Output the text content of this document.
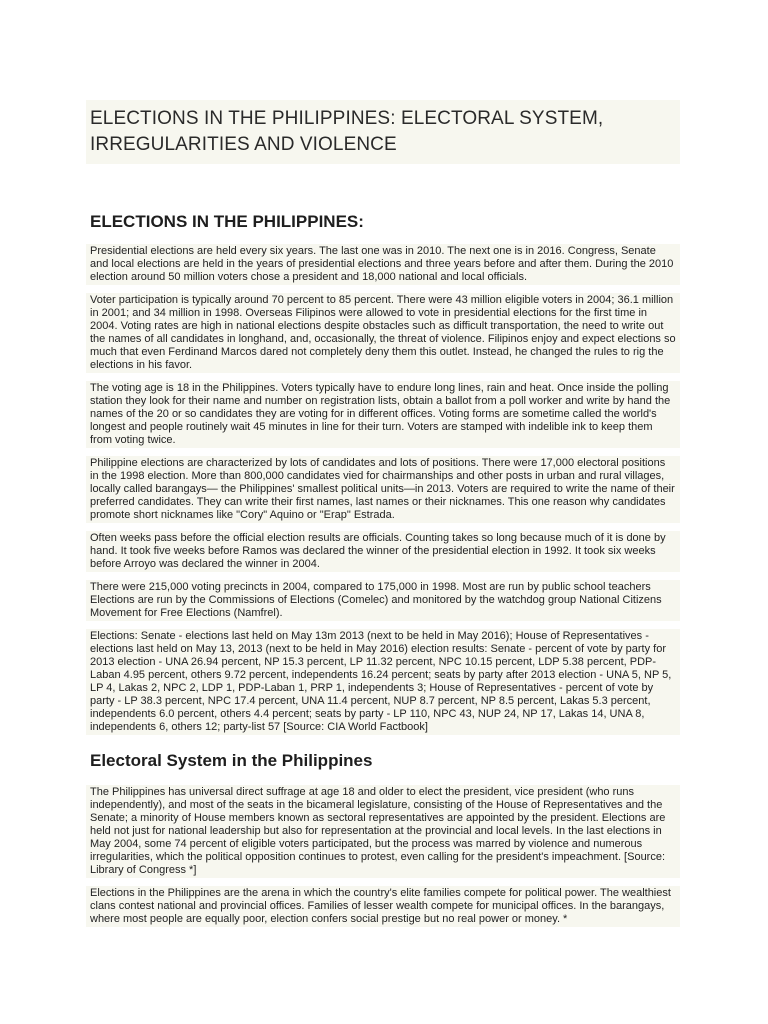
ELECTIONS IN THE PHILIPPINES: ELECTORAL SYSTEM, IRREGULARITIES AND VIOLENCE
ELECTIONS IN THE PHILIPPINES:

Presidential elections are held every six years. The last one was in 2010. The next one is in 2016. Congress, Senate and local elections are held in the years of presidential elections and three years before and after them. During the 2010 election around 50 million voters chose a president and 18,000 national and local officials.

Voter participation is typically around 70 percent to 85 percent. There were 43 million eligible voters in 2004; 36.1 million in 2001; and 34 million in 1998. Overseas Filipinos were allowed to vote in presidential elections for the first time in 2004. Voting rates are high in national elections despite obstacles such as difficult transportation, the need to write out the names of all candidates in longhand, and, occasionally, the threat of violence. Filipinos enjoy and expect elections so much that even Ferdinand Marcos dared not completely deny them this outlet. Instead, he changed the rules to rig the elections in his favor.

The voting age is 18 in the Philippines. Voters typically have to endure long lines, rain and heat. Once inside the polling station they look for their name and number on registration lists, obtain a ballot from a poll worker and write by hand the names of the 20 or so candidates they are voting for in different offices. Voting forms are sometime called the world's longest and people routinely wait 45 minutes in line for their turn. Voters are stamped with indelible ink to keep them from voting twice.

Philippine elections are characterized by lots of candidates and lots of positions. There were 17,000 electoral positions in the 1998 election. More than 800,000 candidates vied for chairmanships and other posts in urban and rural villages, locally called barangays— the Philippines' smallest political units—in 2013. Voters are required to write the name of their preferred candidates. They can write their first names, last names or their nicknames. This one reason why candidates promote short nicknames like "Cory" Aquino or "Erap" Estrada.

Often weeks pass before the official election results are officials. Counting takes so long because much of it is done by hand. It took five weeks before Ramos was declared the winner of the presidential election in 1992. It took six weeks before Arroyo was declared the winner in 2004.

There were 215,000 voting precincts in 2004, compared to 175,000 in 1998. Most are run by public school teachers Elections are run by the Commissions of Elections (Comelec) and monitored by the watchdog group National Citizens Movement for Free Elections (Namfrel).

Elections: Senate - elections last held on May 13m 2013 (next to be held in May 2016); House of Representatives - elections last held on May 13, 2013 (next to be held in May 2016) election results: Senate - percent of vote by party for 2013 election - UNA 26.94 percent, NP 15.3 percent, LP 11.32 percent, NPC 10.15 percent, LDP 5.38 percent, PDP-Laban 4.95 percent, others 9.72 percent, independents 16.24 percent; seats by party after 2013 election - UNA 5, NP 5, LP 4, Lakas 2, NPC 2, LDP 1, PDP-Laban 1, PRP 1, independents 3; House of Representatives - percent of vote by party - LP 38.3 percent, NPC 17.4 percent, UNA 11.4 percent, NUP 8.7 percent, NP 8.5 percent, Lakas 5.3 percent, independents 6.0 percent, others 4.4 percent; seats by party - LP 110, NPC 43, NUP 24, NP 17, Lakas 14, UNA 8, independents 6, others 12; party-list 57 [Source: CIA World Factbook]

Electoral System in the Philippines

The Philippines has universal direct suffrage at age 18 and older to elect the president, vice president (who runs independently), and most of the seats in the bicameral legislature, consisting of the House of Representatives and the Senate; a minority of House members known as sectoral representatives are appointed by the president. Elections are held not just for national leadership but also for representation at the provincial and local levels. In the last elections in May 2004, some 74 percent of eligible voters participated, but the process was marred by violence and numerous irregularities, which the political opposition continues to protest, even calling for the president's impeachment. [Source: Library of Congress *]

Elections in the Philippines are the arena in which the country's elite families compete for political power. The wealthiest clans contest national and provincial offices. Families of lesser wealth compete for municipal offices. In the barangays, where most people are equally poor, election confers social prestige but no real power or money. *
